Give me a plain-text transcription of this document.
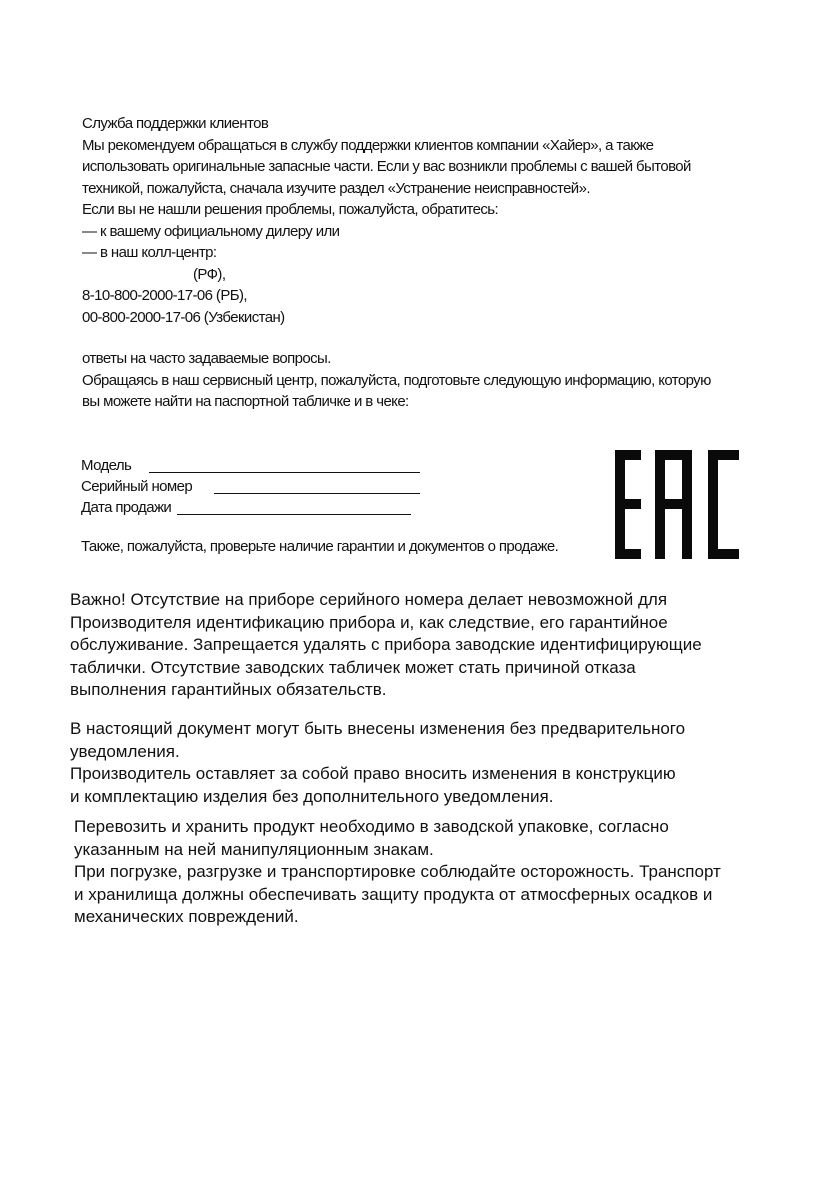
Служба поддержки клиентов
Мы рекомендуем обращаться в службу поддержки клиентов компании «Хайер», а также
использовать оригинальные запасные части. Если у вас возникли проблемы с вашей бытовой
техникой, пожалуйста, сначала изучите раздел «Устранение неисправностей».
Если вы не нашли решения проблемы, пожалуйста, обратитесь:
— к вашему официальному дилеру или
— в наш колл-центр:
(РФ),
8-10-800-2000-17-06 (РБ),
00-800-2000-17-06 (Узбекистан)
ответы на часто задаваемые вопросы.
Обращаясь в наш сервисный центр, пожалуйста, подготовьте следующую информацию, которую
вы можете найти на паспортной табличке и в чеке:
Модель
Серийный номер
Дата продажи
Также, пожалуйста, проверьте наличие гарантии и документов о продаже.
Важно! Отсутствие на приборе серийного номера делает невозможной для
Производителя идентификацию прибора и, как следствие, его гарантийное
обслуживание. Запрещается удалять с прибора заводские идентифицирующие
таблички. Отсутствие заводских табличек может стать причиной отказа
выполнения гарантийных обязательств.
В настоящий документ могут быть внесены изменения без предварительного
уведомления.
Производитель оставляет за собой право вносить изменения в конструкцию
и комплектацию изделия без дополнительного уведомления.
Перевозить и хранить продукт необходимо в заводской упаковке, согласно
указанным на ней манипуляционным знакам.
При погрузке, разгрузке и транспортировке соблюдайте осторожность. Транспорт
и хранилища должны обеспечивать защиту продукта от атмосферных осадков и
механических повреждений.
